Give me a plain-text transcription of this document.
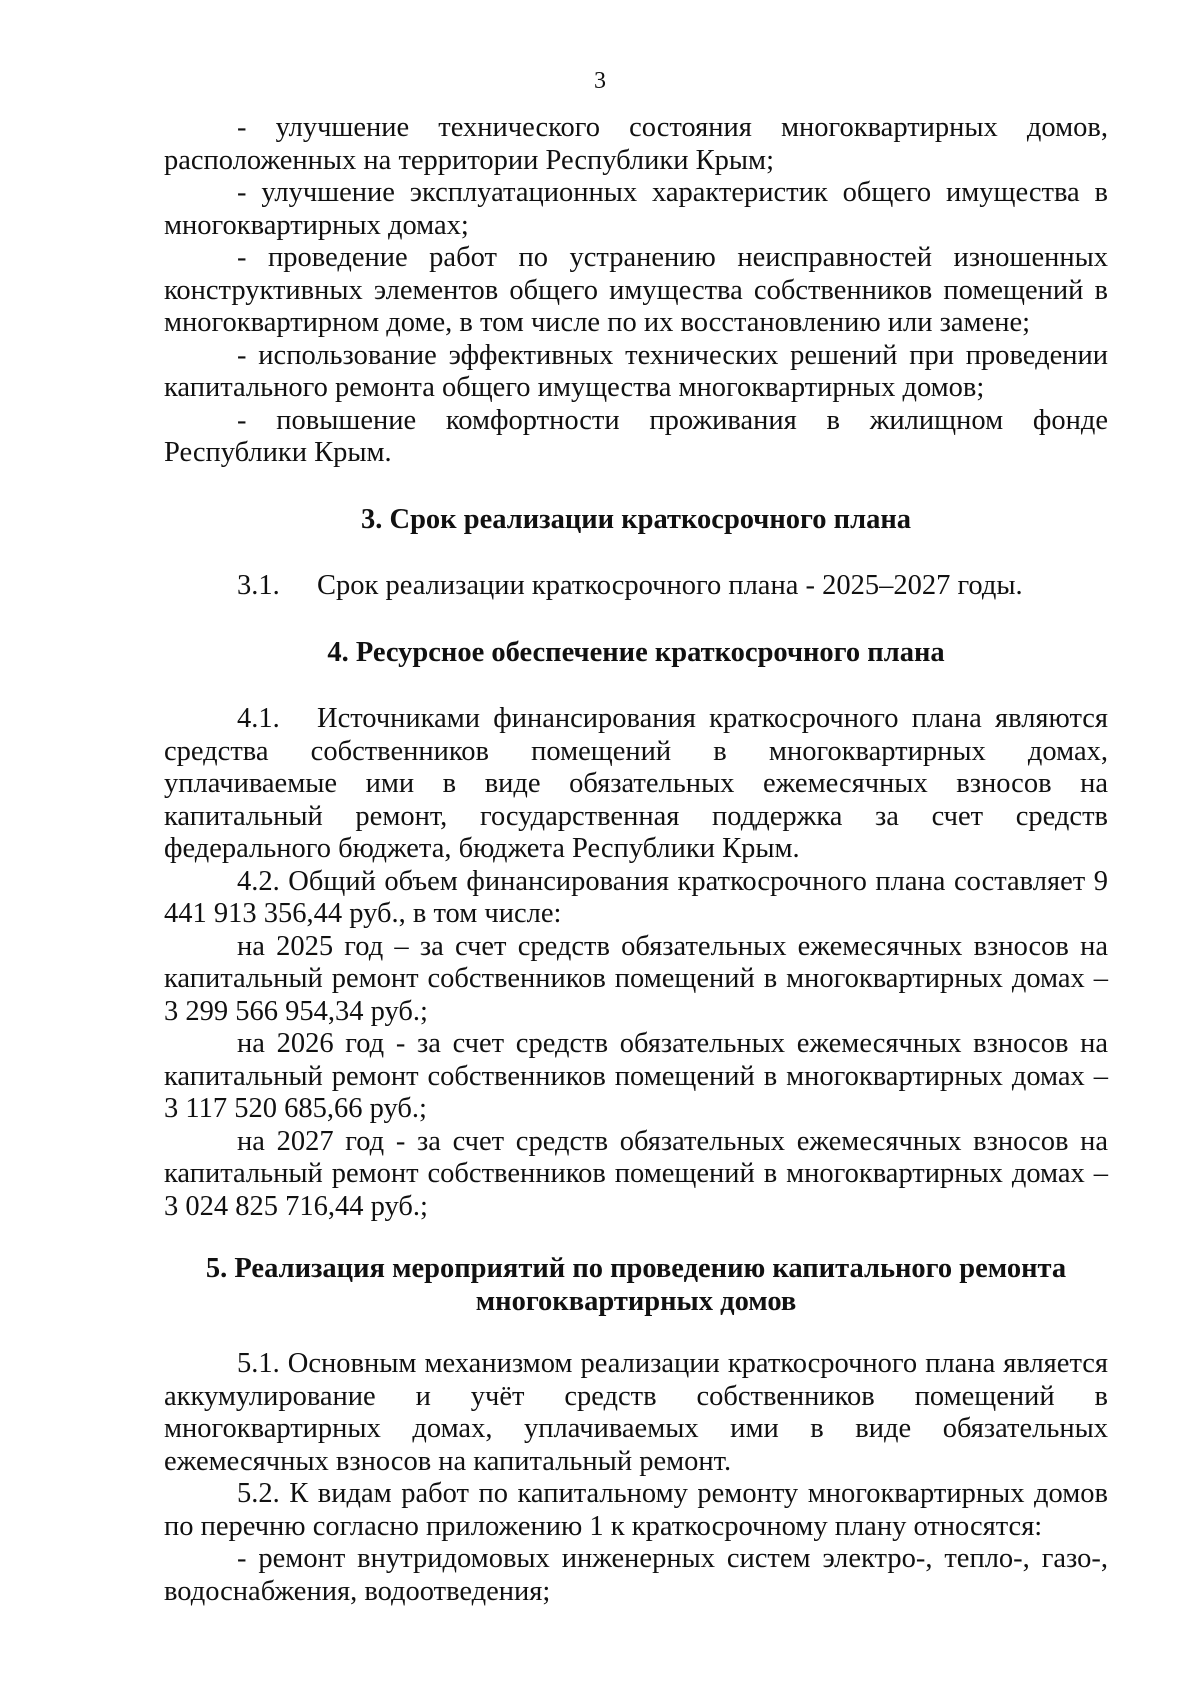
3

- улучшение технического состояния многоквартирных домов, расположенных на территории Республики Крым;

- улучшение эксплуатационных характеристик общего имущества в многоквартирных домах;

- проведение работ по устранению неисправностей изношенных конструктивных элементов общего имущества собственников помещений в многоквартирном доме, в том числе по их восстановлению или замене;

- использование эффективных технических решений при проведении капитального ремонта общего имущества многоквартирных домов;

- повышение комфортности проживания в жилищном фонде Республики Крым.

3. Срок реализации краткосрочного плана

3.1. Срок реализации краткосрочного плана - 2025–2027 годы.

4. Ресурсное обеспечение краткосрочного плана

4.1. Источниками финансирования краткосрочного плана являются средства собственников помещений в многоквартирных домах, уплачиваемые ими в виде обязательных ежемесячных взносов на капитальный ремонт, государственная поддержка за счет средств федерального бюджета, бюджета Республики Крым.

4.2. Общий объем финансирования краткосрочного плана составляет 9 441 913 356,44 руб., в том числе:

на 2025 год – за счет средств обязательных ежемесячных взносов на капитальный ремонт собственников помещений в многоквартирных домах – 3 299 566 954,34 руб.;

на 2026 год - за счет средств обязательных ежемесячных взносов на капитальный ремонт собственников помещений в многоквартирных домах – 3 117 520 685,66 руб.;

на 2027 год - за счет средств обязательных ежемесячных взносов на капитальный ремонт собственников помещений в многоквартирных домах – 3 024 825 716,44 руб.;

5. Реализация мероприятий по проведению капитального ремонта

многоквартирных домов

5.1. Основным механизмом реализации краткосрочного плана является аккумулирование и учёт средств собственников помещений в многоквартирных домах, уплачиваемых ими в виде обязательных ежемесячных взносов на капитальный ремонт.

5.2. К видам работ по капитальному ремонту многоквартирных домов по перечню согласно приложению 1 к краткосрочному плану относятся:

- ремонт внутридомовых инженерных систем электро-, тепло-, газо-, водоснабжения, водоотведения;
